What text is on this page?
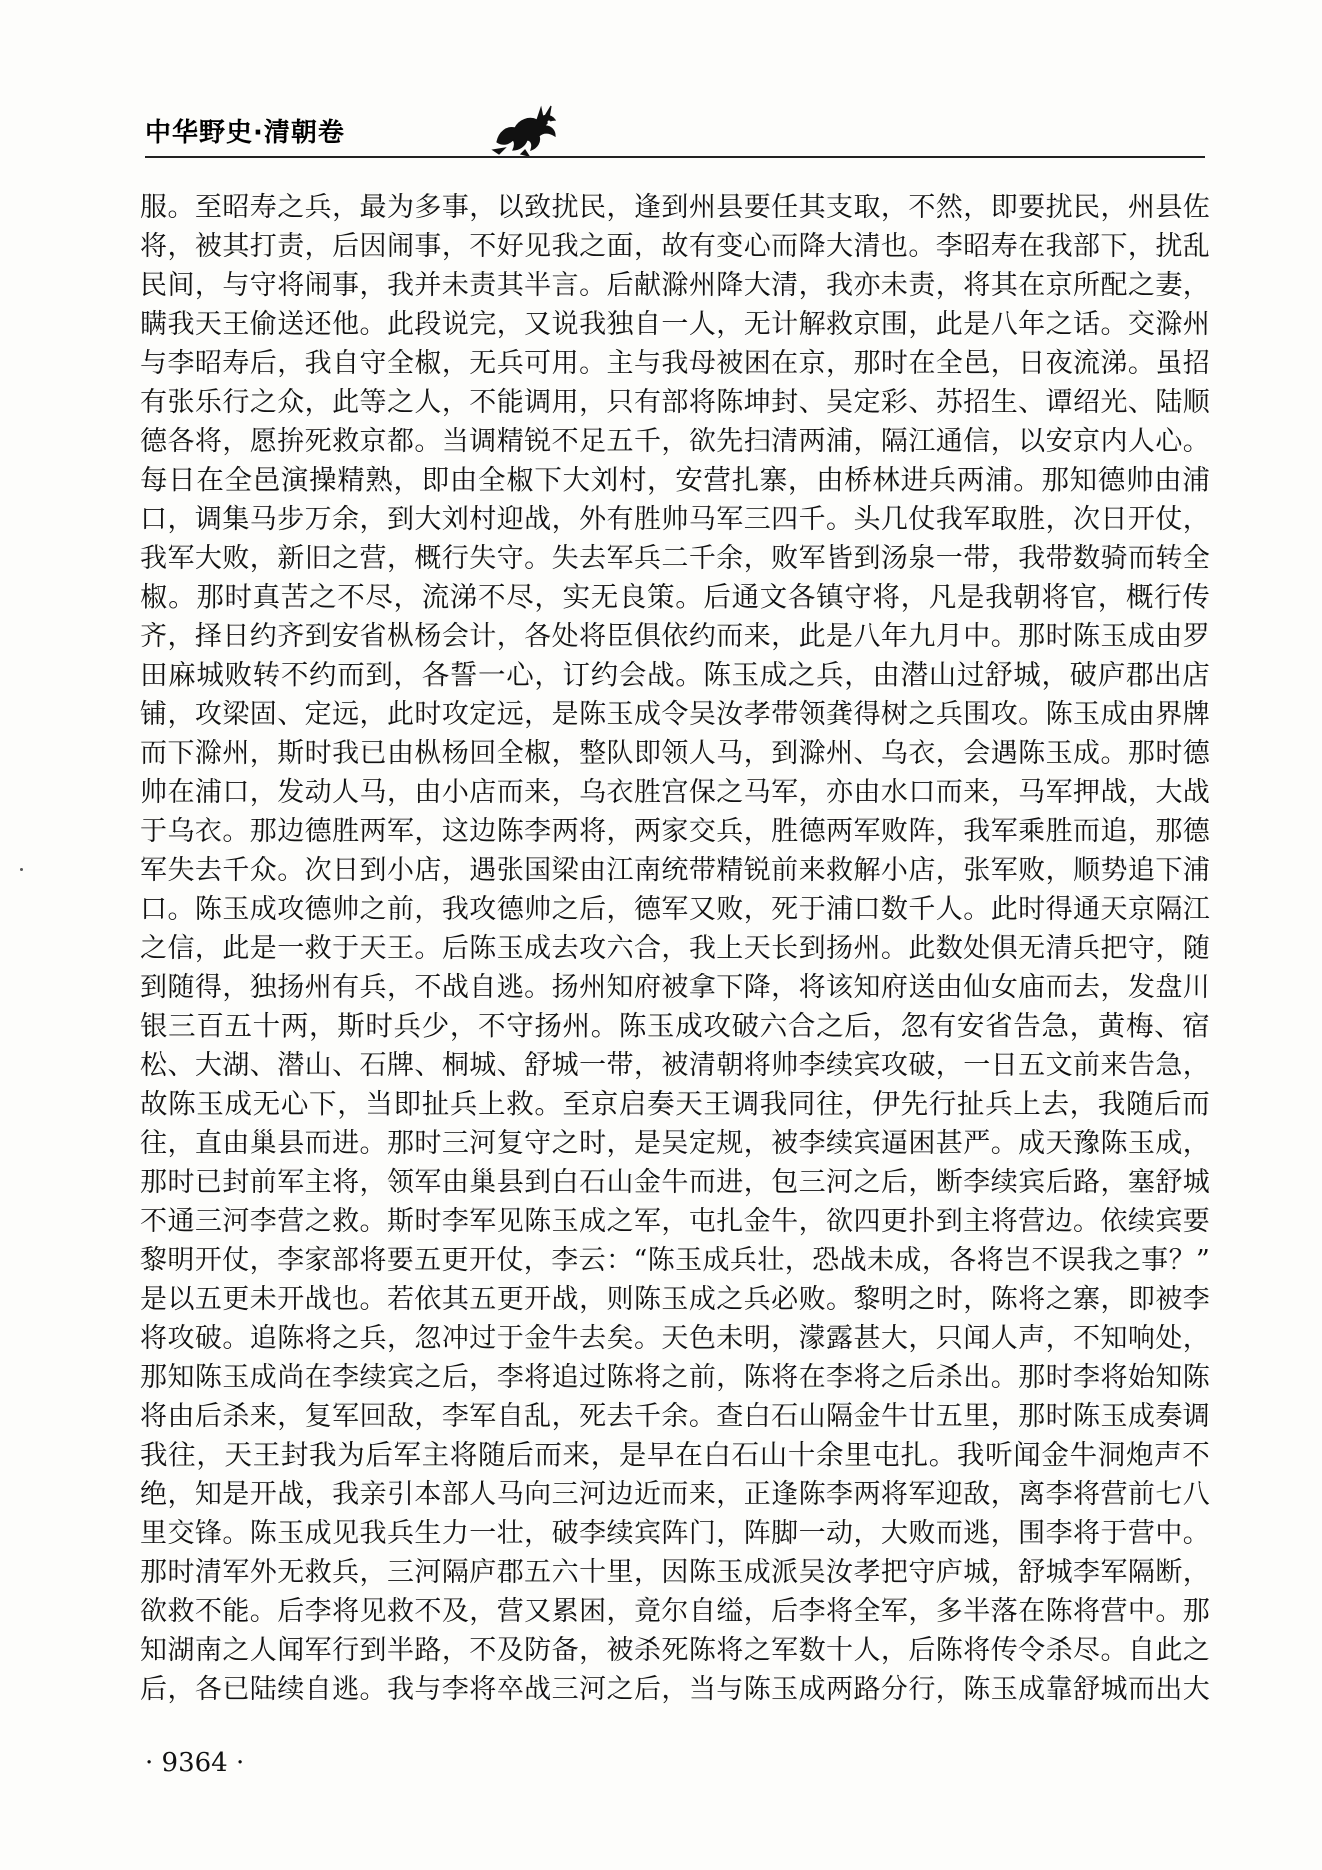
中华野史·清朝卷
服。至昭寿之兵，最为多事，以致扰民，逢到州县要任其支取，不然，即要扰民，州县佐
将，被其打责，后因闹事，不好见我之面，故有变心而降大清也。李昭寿在我部下，扰乱
民间，与守将闹事，我并未责其半言。后献滁州降大清，我亦未责，将其在京所配之妻，
瞒我天王偷送还他。此段说完，又说我独自一人，无计解救京围，此是八年之话。交滁州
与李昭寿后，我自守全椒，无兵可用。主与我母被困在京，那时在全邑，日夜流涕。虽招
有张乐行之众，此等之人，不能调用，只有部将陈坤封、吴定彩、苏招生、谭绍光、陆顺
德各将，愿拚死救京都。当调精锐不足五千，欲先扫清两浦，隔江通信，以安京内人心。
每日在全邑演操精熟，即由全椒下大刘村，安营扎寨，由桥林进兵两浦。那知德帅由浦
口，调集马步万余，到大刘村迎战，外有胜帅马军三四千。头几仗我军取胜，次日开仗，
我军大败，新旧之营，概行失守。失去军兵二千余，败军皆到汤泉一带，我带数骑而转全
椒。那时真苦之不尽，流涕不尽，实无良策。后通文各镇守将，凡是我朝将官，概行传
齐，择日约齐到安省枞杨会计，各处将臣俱依约而来，此是八年九月中。那时陈玉成由罗
田麻城败转不约而到，各誓一心，订约会战。陈玉成之兵，由潜山过舒城，破庐郡出店
铺，攻梁固、定远，此时攻定远，是陈玉成令吴汝孝带领龚得树之兵围攻。陈玉成由界牌
而下滁州，斯时我已由枞杨回全椒，整队即领人马，到滁州、乌衣，会遇陈玉成。那时德
帅在浦口，发动人马，由小店而来，乌衣胜宫保之马军，亦由水口而来，马军押战，大战
于乌衣。那边德胜两军，这边陈李两将，两家交兵，胜德两军败阵，我军乘胜而追，那德
军失去千众。次日到小店，遇张国梁由江南统带精锐前来救解小店，张军败，顺势追下浦
口。陈玉成攻德帅之前，我攻德帅之后，德军又败，死于浦口数千人。此时得通天京隔江
之信，此是一救于天王。后陈玉成去攻六合，我上天长到扬州。此数处俱无清兵把守，随
到随得，独扬州有兵，不战自逃。扬州知府被拿下降，将该知府送由仙女庙而去，发盘川
银三百五十两，斯时兵少，不守扬州。陈玉成攻破六合之后，忽有安省告急，黄梅、宿
松、大湖、潜山、石牌、桐城、舒城一带，被清朝将帅李续宾攻破，一日五文前来告急，
故陈玉成无心下，当即扯兵上救。至京启奏天王调我同往，伊先行扯兵上去，我随后而
往，直由巢县而进。那时三河复守之时，是吴定规，被李续宾逼困甚严。成天豫陈玉成，
那时已封前军主将，领军由巢县到白石山金牛而进，包三河之后，断李续宾后路，塞舒城
不通三河李营之救。斯时李军见陈玉成之军，屯扎金牛，欲四更扑到主将营边。依续宾要
黎明开仗，李家部将要五更开仗，李云：“陈玉成兵壮，恐战未成，各将岂不误我之事？”
是以五更未开战也。若依其五更开战，则陈玉成之兵必败。黎明之时，陈将之寨，即被李
将攻破。追陈将之兵，忽冲过于金牛去矣。天色未明，濛露甚大，只闻人声，不知响处，
那知陈玉成尚在李续宾之后，李将追过陈将之前，陈将在李将之后杀出。那时李将始知陈
将由后杀来，复军回敌，李军自乱，死去千余。查白石山隔金牛廿五里，那时陈玉成奏调
我往，天王封我为后军主将随后而来，是早在白石山十余里屯扎。我听闻金牛洞炮声不
绝，知是开战，我亲引本部人马向三河边近而来，正逢陈李两将军迎敌，离李将营前七八
里交锋。陈玉成见我兵生力一壮，破李续宾阵门，阵脚一动，大败而逃，围李将于营中。
那时清军外无救兵，三河隔庐郡五六十里，因陈玉成派吴汝孝把守庐城，舒城李军隔断，
欲救不能。后李将见救不及，营又累困，竟尔自缢，后李将全军，多半落在陈将营中。那
知湖南之人闻军行到半路，不及防备，被杀死陈将之军数十人，后陈将传令杀尽。自此之
后，各已陆续自逃。我与李将卒战三河之后，当与陈玉成两路分行，陈玉成靠舒城而出大
· 9364 ·
